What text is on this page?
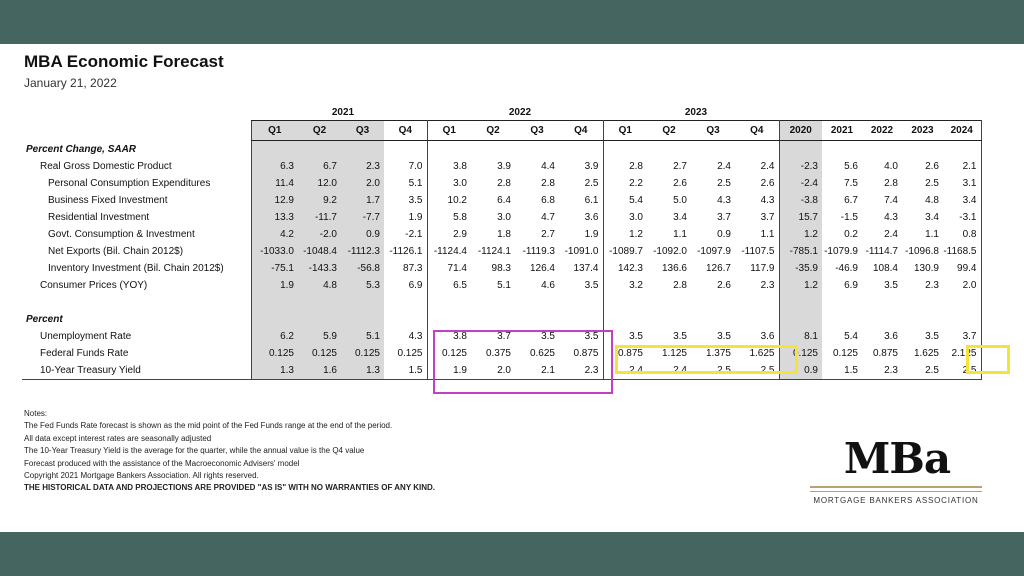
MBA Economic Forecast
January 21, 2022
2021	2022	2023
	Q1	Q2	Q3	Q4	Q1	Q2	Q3	Q4	Q1	Q2	Q3	Q4	2020	2021	2022	2023	2024
Percent Change, SAAR																	
Real Gross Domestic Product	6.3	6.7	2.3	7.0	3.8	3.9	4.4	3.9	2.8	2.7	2.4	2.4	-2.3	5.6	4.0	2.6	2.1
Personal Consumption Expenditures	11.4	12.0	2.0	5.1	3.0	2.8	2.8	2.5	2.2	2.6	2.5	2.6	-2.4	7.5	2.8	2.5	3.1
Business Fixed Investment	12.9	9.2	1.7	3.5	10.2	6.4	6.8	6.1	5.4	5.0	4.3	4.3	-3.8	6.7	7.4	4.8	3.4
Residential Investment	13.3	-11.7	-7.7	1.9	5.8	3.0	4.7	3.6	3.0	3.4	3.7	3.7	15.7	-1.5	4.3	3.4	-3.1
Govt. Consumption & Investment	4.2	-2.0	0.9	-2.1	2.9	1.8	2.7	1.9	1.2	1.1	0.9	1.1	1.2	0.2	2.4	1.1	0.8
Net Exports (Bil. Chain 2012$)	-1033.0	-1048.4	-1112.3	-1126.1	-1124.4	-1124.1	-1119.3	-1091.0	-1089.7	-1092.0	-1097.9	-1107.5	-785.1	-1079.9	-1114.7	-1096.8	-1168.5
Inventory Investment (Bil. Chain 2012$)	-75.1	-143.3	-56.8	87.3	71.4	98.3	126.4	137.4	142.3	136.6	126.7	117.9	-35.9	-46.9	108.4	130.9	99.4
Consumer Prices (YOY)	1.9	4.8	5.3	6.9	6.5	5.1	4.6	3.5	3.2	2.8	2.6	2.3	1.2	6.9	3.5	2.3	2.0

Percent																	
Unemployment Rate	6.2	5.9	5.1	4.3	3.8	3.7	3.5	3.5	3.5	3.5	3.5	3.6	8.1	5.4	3.6	3.5	3.7
Federal Funds Rate	0.125	0.125	0.125	0.125	0.125	0.375	0.625	0.875	0.875	1.125	1.375	1.625	0.125	0.125	0.875	1.625	2.125
10-Year Treasury Yield	1.3	1.6	1.3	1.5	1.9	2.0	2.1	2.3	2.4	2.4	2.5	2.5	0.9	1.5	2.3	2.5	2.5
Notes:
The Fed Funds Rate forecast is shown as the mid point of the Fed Funds range at the end of the period.
All data except interest rates are seasonally adjusted
The 10-Year Treasury Yield is the average for the quarter, while the annual value is the Q4 value
Forecast produced with the assistance of the Macroeconomic Advisers' model
Copyright 2021 Mortgage Bankers Association. All rights reserved.
THE HISTORICAL DATA AND PROJECTIONS ARE PROVIDED "AS IS" WITH NO WARRANTIES OF ANY KIND.
MBa
MORTGAGE BANKERS ASSOCIATION
